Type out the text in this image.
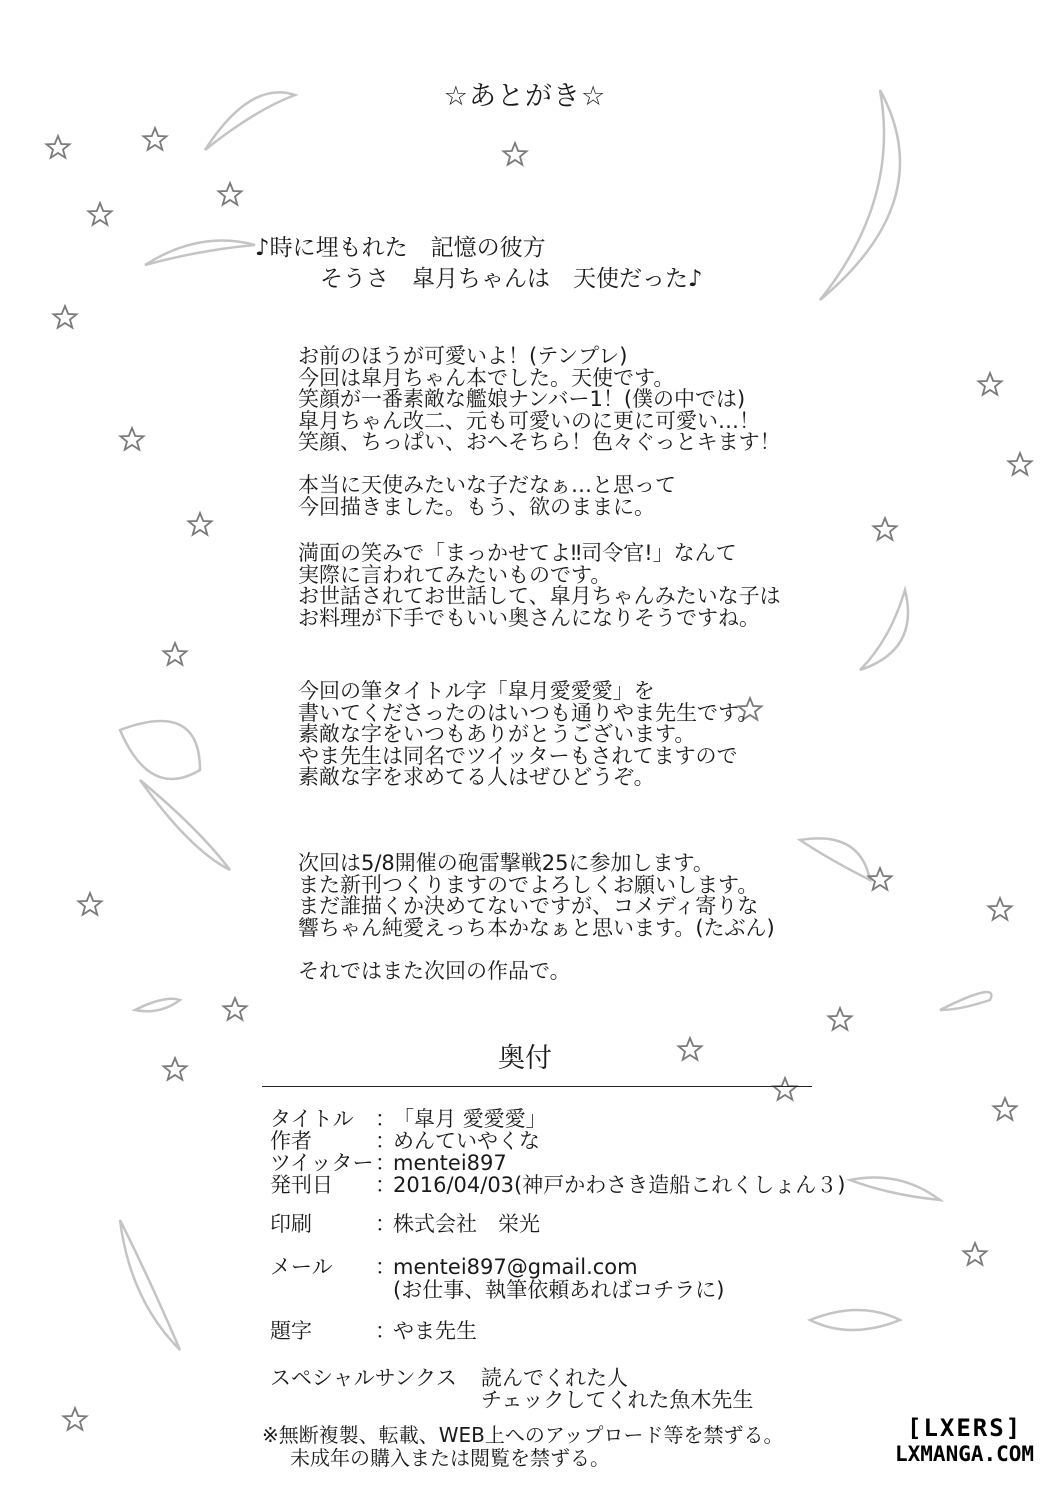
☆あとがき☆
♪時に埋もれた　記憶の彼方
そうさ　皐月ちゃんは　天使だった♪
お前のほうが可愛いよ！(テンプレ)
今回は皐月ちゃん本でした。天使です。
笑顔が一番素敵な艦娘ナンバー1！(僕の中では)
皐月ちゃん改二、元も可愛いのに更に可愛い…！
笑顔、ちっぱい、おへそちら！色々ぐっとキます！
本当に天使みたいな子だなぁ…と思って
今回描きました。もう、欲のままに。
満面の笑みで「まっかせてよ‼司令官!」なんて
実際に言われてみたいものです。
お世話されてお世話して、皐月ちゃんみたいな子は
お料理が下手でもいい奥さんになりそうですね。
今回の筆タイトル字「皐月愛愛愛」を
書いてくださったのはいつも通りやま先生です。
素敵な字をいつもありがとうございます。
やま先生は同名でツイッターもされてますので
素敵な字を求めてる人はぜひどうぞ。
次回は5/8開催の砲雷撃戦25に参加します。
また新刊つくりますのでよろしくお願いします。
まだ誰描くか決めてないですが、コメディ寄りな
響ちゃん純愛えっち本かなぁと思います。(たぶん)
それではまた次回の作品で。
奥付
タイトル ：「皐月 愛愛愛」
作者	：めんていやくな
ツイッター：mentei897
発刊日 ：2016/04/03(神戸かわさき造船これくしょん３)
印刷	：株式会社　栄光
メール ：mentei897@gmail.com
(お仕事、執筆依頼あればコチラに)
題字	：やま先生
スペシャルサンクス 読んでくれた人
チェックしてくれた魚木先生
※無断複製、転載、WEB上へのアップロード等を禁ずる。
未成年の購入または閲覧を禁ずる。
[LXERS]
LXMANGA.COM
